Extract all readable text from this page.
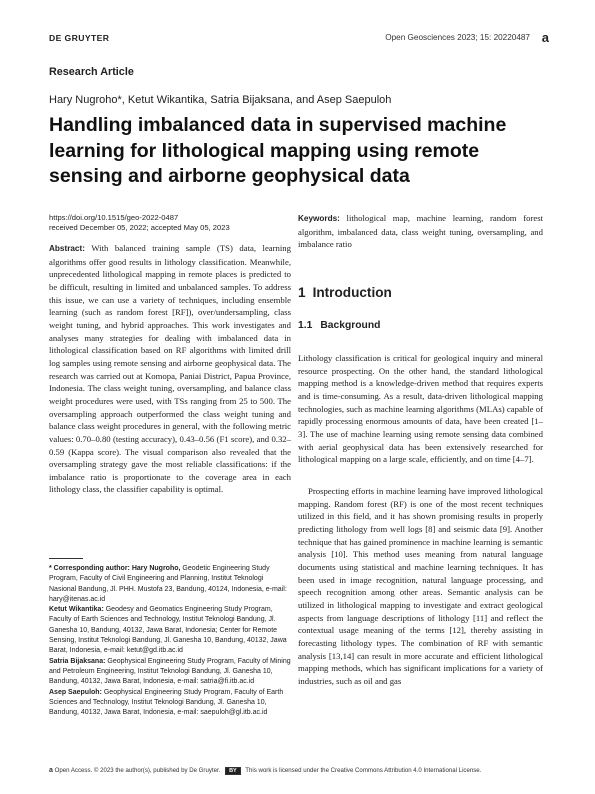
DE GRUYTER	Open Geosciences 2023; 15: 20220487 a
Research Article
Hary Nugroho*, Ketut Wikantika, Satria Bijaksana, and Asep Saepuloh
Handling imbalanced data in supervised machine learning for lithological mapping using remote sensing and airborne geophysical data
https://doi.org/10.1515/geo-2022-0487
received December 05, 2022; accepted May 05, 2023

Abstract: With balanced training sample (TS) data, learning algorithms offer good results in lithology classification. Meanwhile, unprecedented lithological mapping in remote places is predicted to be difficult, resulting in limited and unbalanced samples. To address this issue, we can use a variety of techniques, including ensemble learning (such as random forest [RF]), over/undersampling, class weight tuning, and hybrid approaches. This work investigates and analyses many strategies for dealing with imbalanced data in lithological classification based on RF algorithms with limited drill log samples using remote sensing and airborne geophysical data. The research was carried out at Komopa, Paniai District, Papua Province, Indonesia. The class weight tuning, oversampling, and balance class weight procedures were used, with TSs ranging from 25 to 500. The oversampling approach outperformed the class weight tuning and balance class weight procedures in general, with the following metric values: 0.70–0.80 (testing accuracy), 0.43–0.56 (F1 score), and 0.32–0.59 (Kappa score). The visual comparison also revealed that the oversampling strategy gave the most reliable classifications: if the imbalance ratio is proportionate to the coverage area in each lithology class, the classifier capability is optimal.

* Corresponding author: Hary Nugroho, Geodetic Engineering Study Program, Faculty of Civil Engineering and Planning, Institut Teknologi Nasional Bandung, Jl. PHH. Mustofa 23, Bandung, 40124, Indonesia, e-mail: hary@itenas.ac.id

Ketut Wikantika: Geodesy and Geomatics Engineering Study Program, Faculty of Earth Sciences and Technology, Institut Teknologi Bandung, Jl. Ganesha 10, Bandung, 40132, Jawa Barat, Indonesia; Center for Remote Sensing, Institut Teknologi Bandung, Jl. Ganesha 10, Bandung, 40132, Jawa Barat, Indonesia, e-mail: ketut@gd.itb.ac.id

Satria Bijaksana: Geophysical Engineering Study Program, Faculty of Mining and Petroleum Engineering, Institut Teknologi Bandung, Jl. Ganesha 10, Bandung, 40132, Jawa Barat, Indonesia, e-mail: satria@fi.itb.ac.id

Asep Saepuloh: Geophysical Engineering Study Program, Faculty of Earth Sciences and Technology, Institut Teknologi Bandung, Jl. Ganesha 10, Bandung, 40132, Jawa Barat, Indonesia, e-mail: saepuloh@gl.itb.ac.id

Keywords: lithological map, machine learning, random forest algorithm, imbalanced data, class weight tuning, oversampling, and imbalance ratio

1 Introduction
1.1 Background

Lithology classification is critical for geological inquiry and mineral resource prospecting. On the other hand, the standard lithological mapping method is a knowledge-driven method that requires experts and is time-consuming. As a result, data-driven lithological mapping technologies, such as machine learning algorithms (MLAs) capable of rapidly processing enormous amounts of data, have been created [1–3]. The use of machine learning using remote sensing data combined with aerial geophysical data has been extensively researched for lithological mapping on a large scale, efficiently, and on time [4–7].

Prospecting efforts in machine learning have improved lithological mapping. Random forest (RF) is one of the most recent techniques utilized in this field, and it has shown promising results in properly predicting lithology from well logs [8] and seismic data [9]. Another technique that has gained prominence in machine learning is semantic analysis [10]. This method uses meaning from natural language documents using statistical and machine learning techniques. It has been used in image recognition, natural language processing, and speech recognition among other areas. Semantic analysis can be utilized in lithological mapping to investigate and extract geological aspects from language descriptions of lithology [11] and reflect the contextual usage meaning of the terms [12], thereby assisting in forecasting lithology types. The combination of RF with semantic analysis [13,14] can result in more accurate and efficient lithological mapping methods, which has significant implications for a variety of industries, such as oil and gas

a Open Access. © 2023 the author(s), published by De Gruyter. BY This work is licensed under the Creative Commons Attribution 4.0 International License.
